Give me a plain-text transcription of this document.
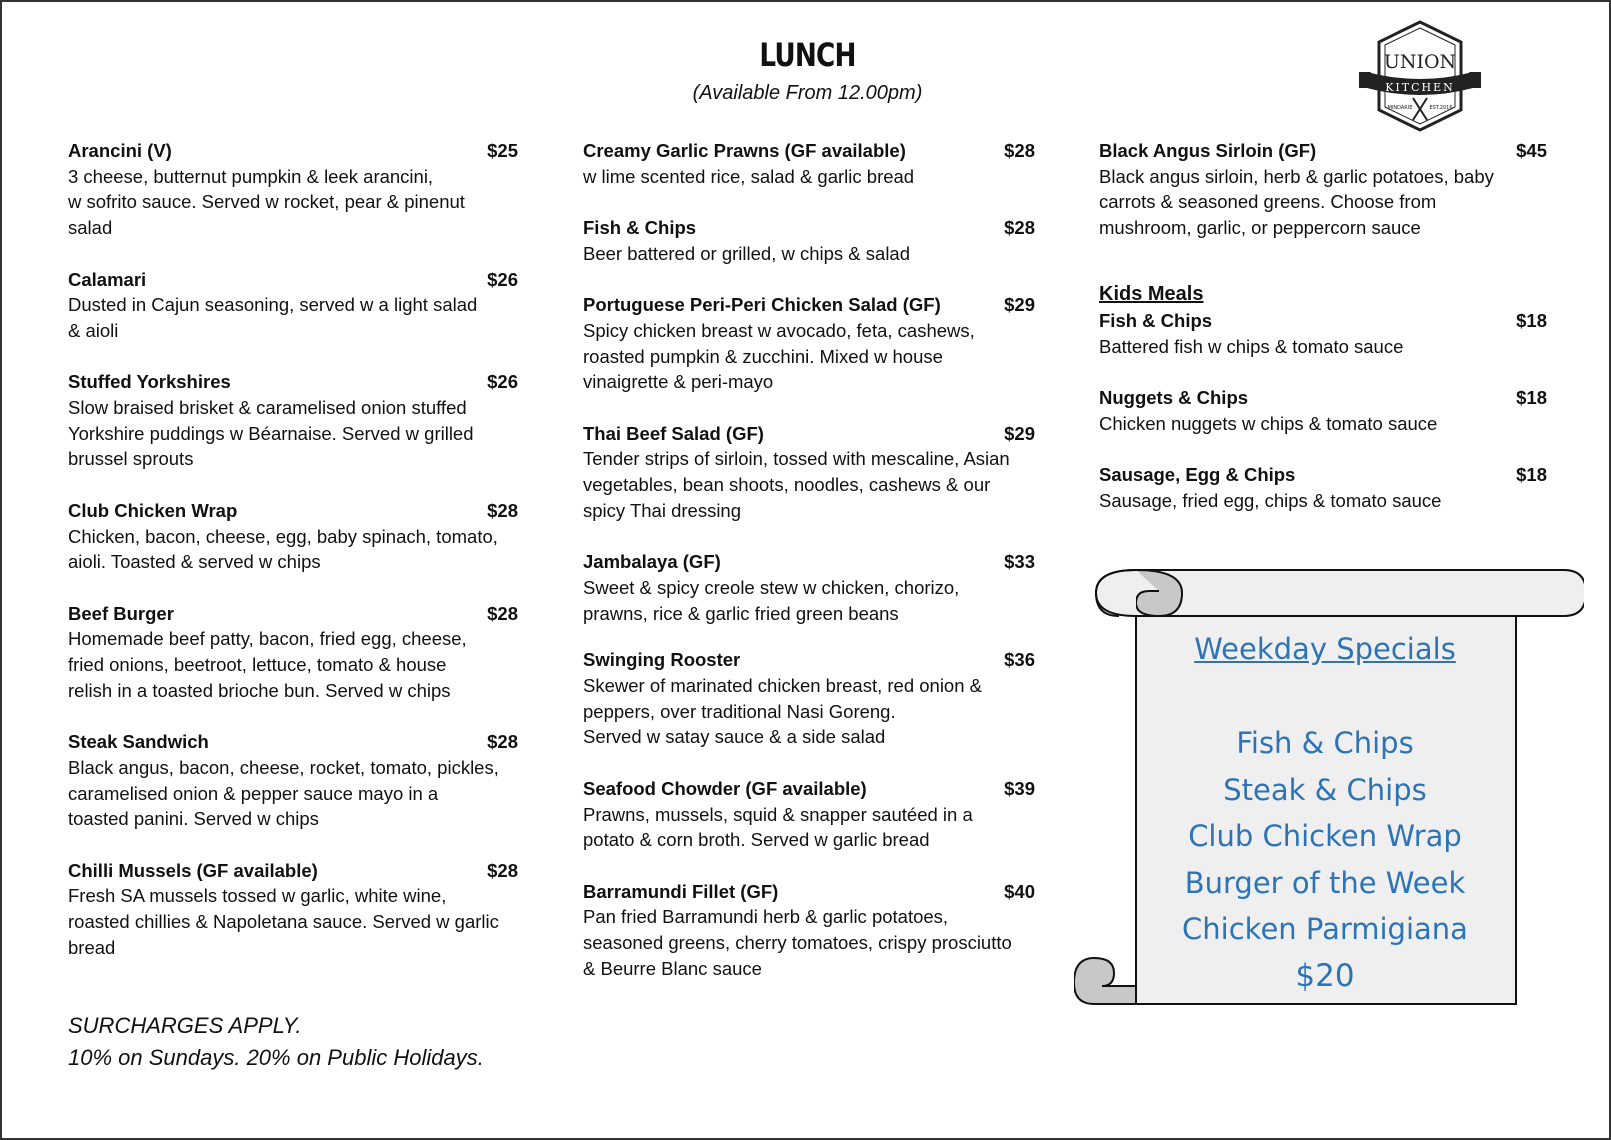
LUNCH
(Available From 12.00pm)
UNION
KITCHEN
MINDARIE	EST.2016
Arancini (V)	$25
3 cheese, butternut pumpkin & leek arancini,
w sofrito sauce. Served w rocket, pear & pinenut
salad
Calamari	$26
Dusted in Cajun seasoning, served w a light salad
& aioli
Stuffed Yorkshires	$26
Slow braised brisket & caramelised onion stuffed
Yorkshire puddings w Béarnaise. Served w grilled
brussel sprouts
Club Chicken Wrap	$28
Chicken, bacon, cheese, egg, baby spinach, tomato,
aioli. Toasted & served w chips
Beef Burger	$28
Homemade beef patty, bacon, fried egg, cheese,
fried onions, beetroot, lettuce, tomato & house
relish in a toasted brioche bun. Served w chips
Steak Sandwich	$28
Black angus, bacon, cheese, rocket, tomato, pickles,
caramelised onion & pepper sauce mayo in a
toasted panini. Served w chips
Chilli Mussels (GF available)	$28
Fresh SA mussels tossed w garlic, white wine,
roasted chillies & Napoletana sauce. Served w garlic
bread
Creamy Garlic Prawns (GF available)	$28
w lime scented rice, salad & garlic bread
Fish & Chips	$28
Beer battered or grilled, w chips & salad
Portuguese Peri-Peri Chicken Salad (GF)	$29
Spicy chicken breast w avocado, feta, cashews,
roasted pumpkin & zucchini. Mixed w house
vinaigrette & peri-mayo
Thai Beef Salad (GF)	$29
Tender strips of sirloin, tossed with mescaline, Asian
vegetables, bean shoots, noodles, cashews & our
spicy Thai dressing
Jambalaya (GF)	$33
Sweet & spicy creole stew w chicken, chorizo,
prawns, rice & garlic fried green beans
Swinging Rooster	$36
Skewer of marinated chicken breast, red onion &
peppers, over traditional Nasi Goreng.
Served w satay sauce & a side salad
Seafood Chowder (GF available)	$39
Prawns, mussels, squid & snapper sautéed in a
potato & corn broth. Served w garlic bread
Barramundi Fillet (GF)	$40
Pan fried Barramundi herb & garlic potatoes,
seasoned greens, cherry tomatoes, crispy prosciutto
& Beurre Blanc sauce
Black Angus Sirloin (GF)	$45
Black angus sirloin, herb & garlic potatoes, baby
carrots & seasoned greens. Choose from
mushroom, garlic, or peppercorn sauce
Kids Meals
Fish & Chips	$18
Battered fish w chips & tomato sauce
Nuggets & Chips	$18
Chicken nuggets w chips & tomato sauce
Sausage, Egg & Chips	$18
Sausage, fried egg, chips & tomato sauce
SURCHARGES APPLY.
10% on Sundays. 20% on Public Holidays.
Weekday Specials
Fish & Chips
Steak & Chips
Club Chicken Wrap
Burger of the Week
Chicken Parmigiana
$20
